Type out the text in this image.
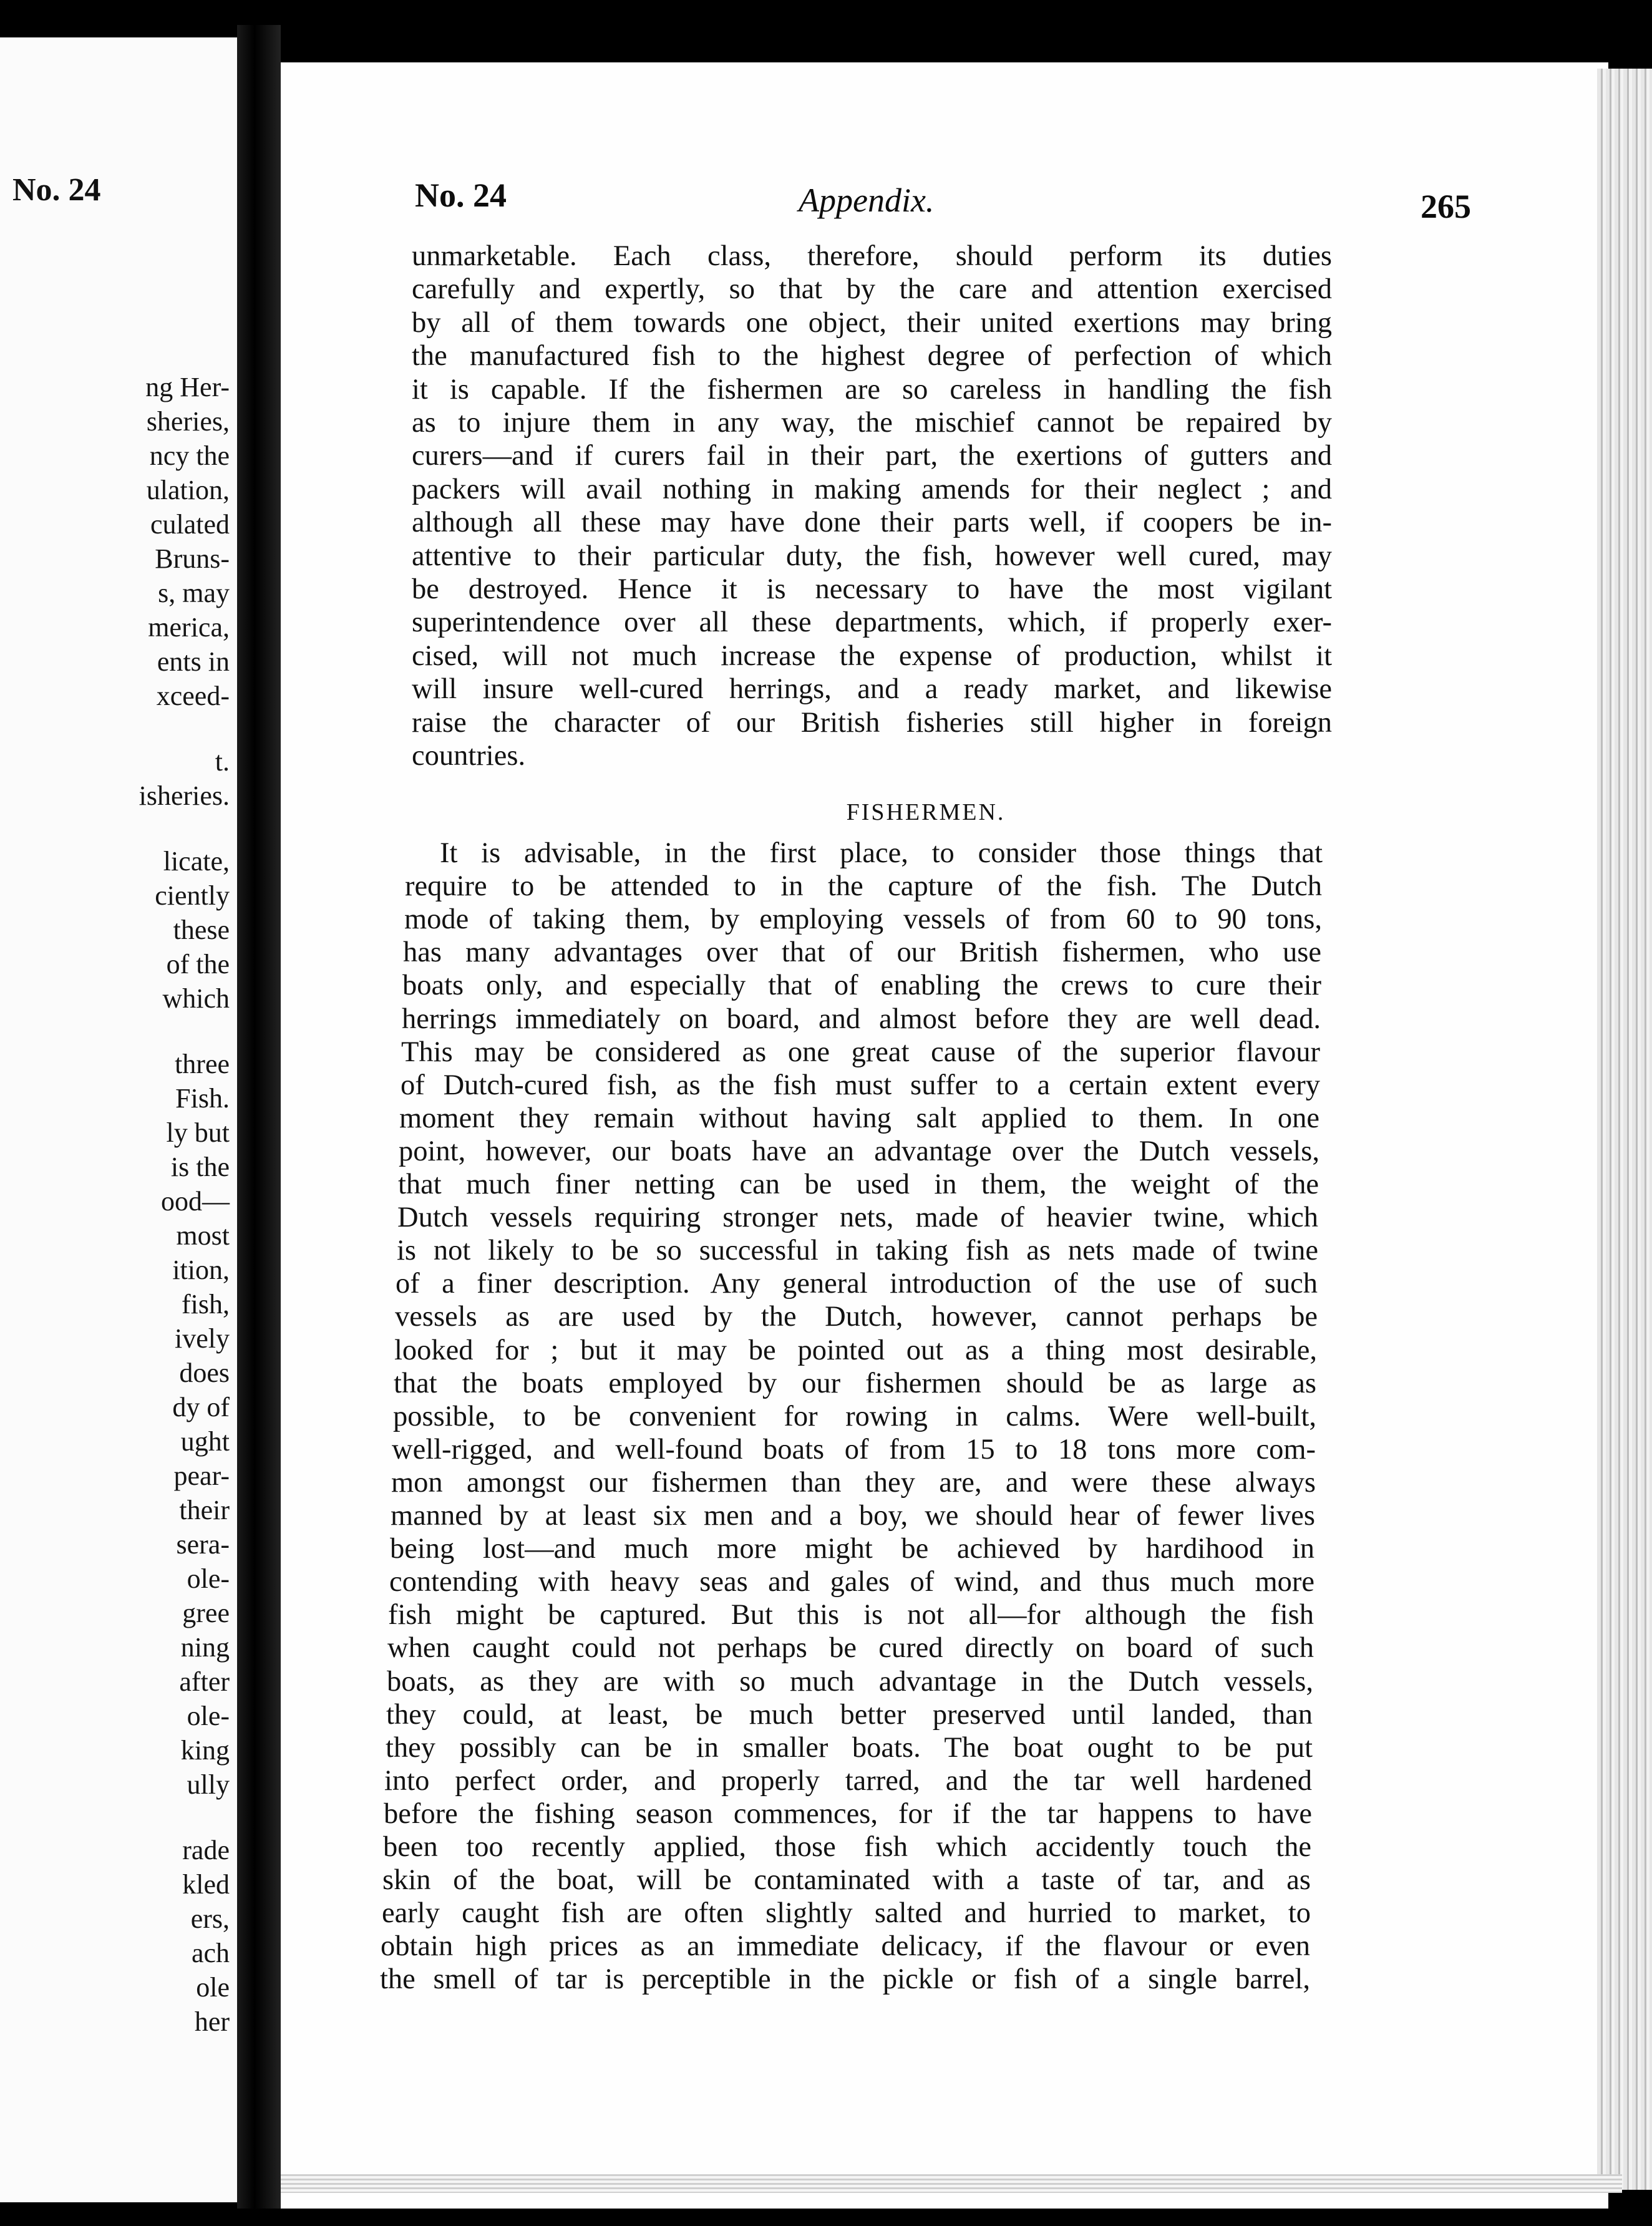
No. 24
ng Her-
sheries,
ncy the
ulation,
culated
Bruns-
s, may
merica,
ents in
xceed-
t.
isheries.
licate,
ciently
these
of the
which
three
Fish.
ly but
is the
ood—
most
ition,
fish,
ively
does
dy of
ught
pear-
their
sera-
ole-
gree
ning
after
ole-
king
ully
rade
kled
ers,
ach
ole
her
No. 24	Appendix.	265
unmarketable. Each class, therefore, should perform its duties
carefully and expertly, so that by the care and attention exercised
by all of them towards one object, their united exertions may bring
the manufactured fish to the highest degree of perfection of which
it is capable. If the fishermen are so careless in handling the fish
as to injure them in any way, the mischief cannot be repaired by
curers—and if curers fail in their part, the exertions of gutters and
packers will avail nothing in making amends for their neglect ; and
although all these may have done their parts well, if coopers be in-
attentive to their particular duty, the fish, however well cured, may
be destroyed. Hence it is necessary to have the most vigilant
superintendence over all these departments, which, if properly exer-
cised, will not much increase the expense of production, whilst it
will insure well-cured herrings, and a ready market, and likewise
raise the character of our British fisheries still higher in foreign
countries.
FISHERMEN.
It is advisable, in the first place, to consider those things that
require to be attended to in the capture of the fish. The Dutch
mode of taking them, by employing vessels of from 60 to 90 tons,
has many advantages over that of our British fishermen, who use
boats only, and especially that of enabling the crews to cure their
herrings immediately on board, and almost before they are well dead.
This may be considered as one great cause of the superior flavour
of Dutch-cured fish, as the fish must suffer to a certain extent every
moment they remain without having salt applied to them. In one
point, however, our boats have an advantage over the Dutch vessels,
that much finer netting can be used in them, the weight of the
Dutch vessels requiring stronger nets, made of heavier twine, which
is not likely to be so successful in taking fish as nets made of twine
of a finer description. Any general introduction of the use of such
vessels as are used by the Dutch, however, cannot perhaps be
looked for ; but it may be pointed out as a thing most desirable,
that the boats employed by our fishermen should be as large as
possible, to be convenient for rowing in calms. Were well-built,
well-rigged, and well-found boats of from 15 to 18 tons more com-
mon amongst our fishermen than they are, and were these always
manned by at least six men and a boy, we should hear of fewer lives
being lost—and much more might be achieved by hardihood in
contending with heavy seas and gales of wind, and thus much more
fish might be captured. But this is not all—for although the fish
when caught could not perhaps be cured directly on board of such
boats, as they are with so much advantage in the Dutch vessels,
they could, at least, be much better preserved until landed, than
they possibly can be in smaller boats. The boat ought to be put
into perfect order, and properly tarred, and the tar well hardened
before the fishing season commences, for if the tar happens to have
been too recently applied, those fish which accidently touch the
skin of the boat, will be contaminated with a taste of tar, and as
early caught fish are often slightly salted and hurried to market, to
obtain high prices as an immediate delicacy, if the flavour or even
the smell of tar is perceptible in the pickle or fish of a single barrel,
